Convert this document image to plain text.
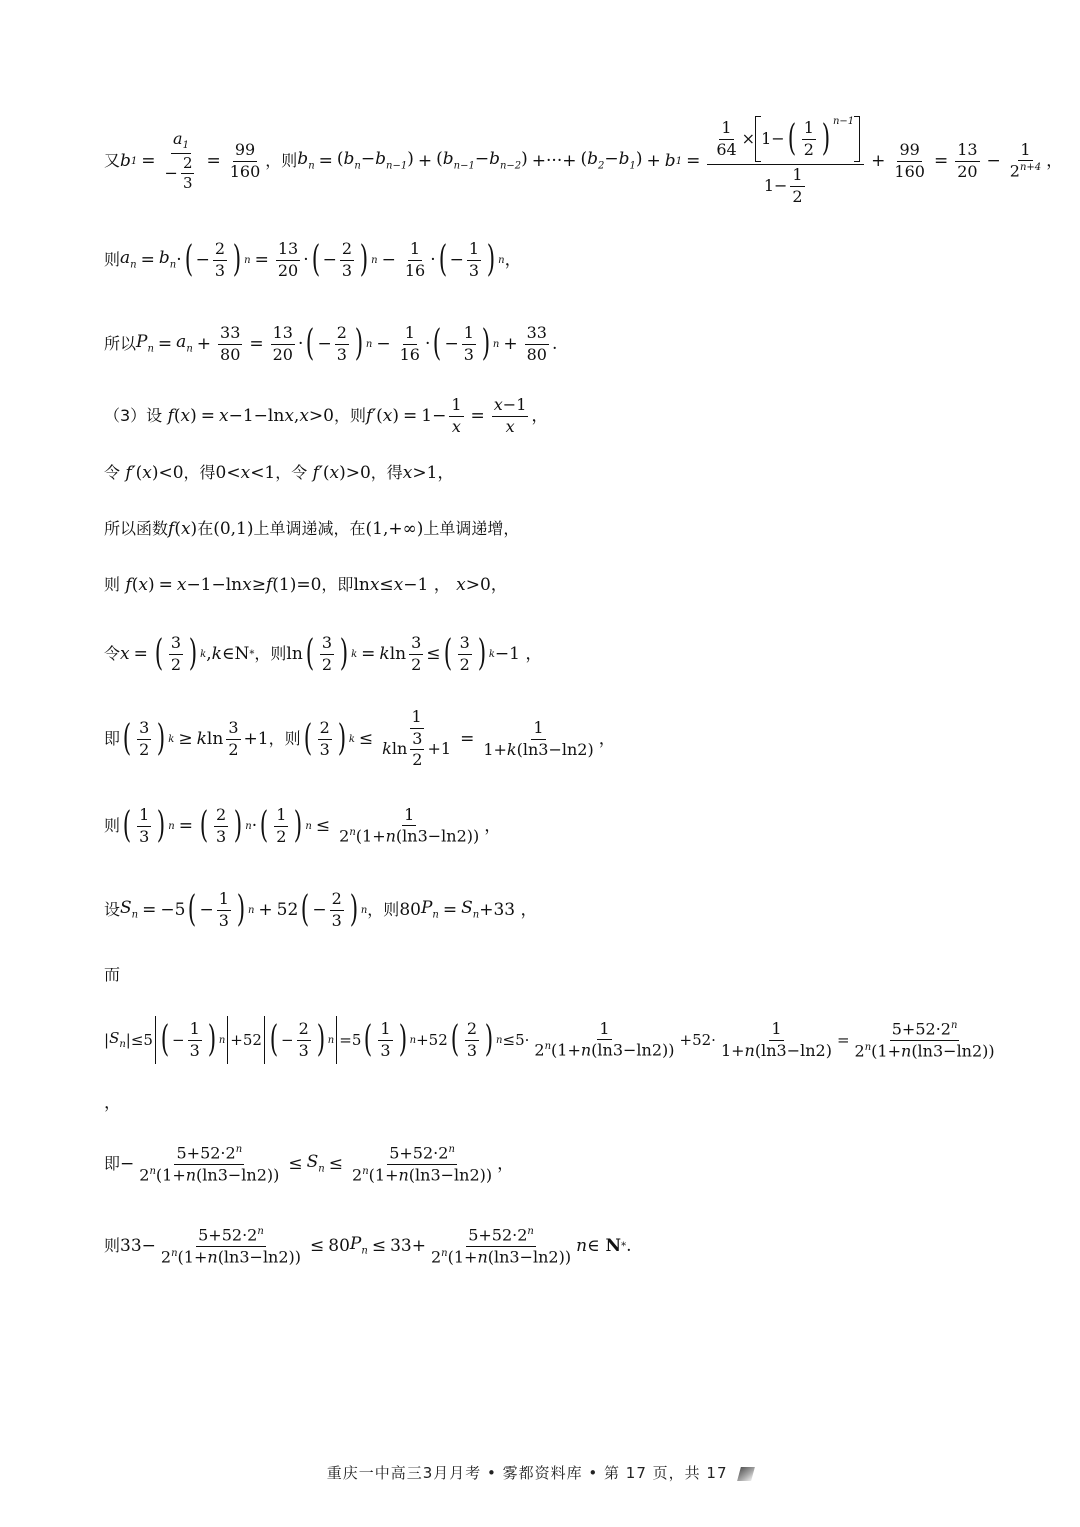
又 b $1 = \frac{a_1}{- \frac{2}{3}} = \frac{99}{160}$ ，则 $b_n = (b_n-b_{n-1}) + (b_{n-1}-b_{n-2})$ +···+ $(b_2-b_1) + b$ $1 = \frac{\frac{1}{64} \times 1- ( \frac{1}{2} ) ^{n-1}}{1- \frac{1}{2}} + \frac{99}{160} = \frac{13}{20} - \frac{1}{2^{n+4}}$ ，
则 $a_n = b_n$ · ( − $\frac{2}{3}$ ) $n = \frac{13}{20}$ · ( − $\frac{2}{3}$ ) $n - \frac{1}{16}$ · ( − $\frac{1}{3}$ ) n ，
所以 $P_n = a_n + \frac{33}{80} = \frac{13}{20}$ · ( − $\frac{2}{3}$ ) $n - \frac{1}{16}$ · ( − $\frac{1}{3}$ ) $n + \frac{33}{80}$ .
（3）设 f ( x ) = x −1−ln x , x >0 ，则 f′ ( x ) = $1- \frac{1}{x} = \frac{x-1}{x}$ ，
令 f′ ( x )<0 ，得 0< x <1 ，令 f′ ( x )>0 ，得 x >1，
所以函数 f ( x ) 在 (0,1) 上单调递减，在 (1,+∞) 上单调递增，
则 f ( x ) = x −1−ln x ≥ f (1)=0 ，即 ln x ≤ x −1 ， x >0，
令 x = ( $\frac{3}{2}$ ) k , k ∈N * ，则 ln ( $\frac{3}{2}$ ) k = k $\ln \frac{3}{2}$ ≤ ( $\frac{3}{2}$ ) k −1 ，
即 ( $\frac{3}{2}$ ) k ≥ k $\ln \frac{3}{2} +1$ ，则 ( $\frac{2}{3}$ ) $k \le \frac{1}{k \ln \frac{3}{2} +1} = \frac{1}{1+k(\ln 3-\ln 2)}$ ，
则 ( $\frac{1}{3}$ ) n = ( $\frac{2}{3}$ ) n · ( $\frac{1}{2}$ ) $n \le \frac{1}{2^n(1+n(\ln 3-\ln 2))}$ ，
设 $S_n = -5$ ( − $\frac{1}{3}$ ) n + 52 ( − $\frac{2}{3}$ ) n ，则 80 $P_n = S_n +33$ ，
而
| $S_n$ |≤5 ( − $\frac{1}{3}$ ) n +52 ( − $\frac{2}{3}$ ) n =5 ( $\frac{1}{3}$ ) n +52 ( $\frac{2}{3}$ ) $n \le 5\cdot \frac{1}{2^n(1+n(\ln 3-\ln 2))} +52\cdot \frac{1}{1+n(\ln 3-\ln 2)} = \frac{5+52\cdot 2^n}{2^n(1+n(\ln 3-\ln 2))}$
，
即 − $\frac{5+52\cdot 2^n}{2^n(1+n(\ln 3-\ln 2))} \le S_n \le \frac{5+52\cdot 2^n}{2^n(1+n(\ln 3-\ln 2))}$ ，
则 $33- \frac{5+52\cdot 2^n}{2^n(1+n(\ln 3-\ln 2))} \le 80$ $P_n \le 33+ \frac{5+52\cdot 2^n}{2^n(1+n(\ln 3-\ln 2))}$ n ∈ N * .
重庆一中高三3月月考 • 雾都资料库 • 第 17 页，共 17
